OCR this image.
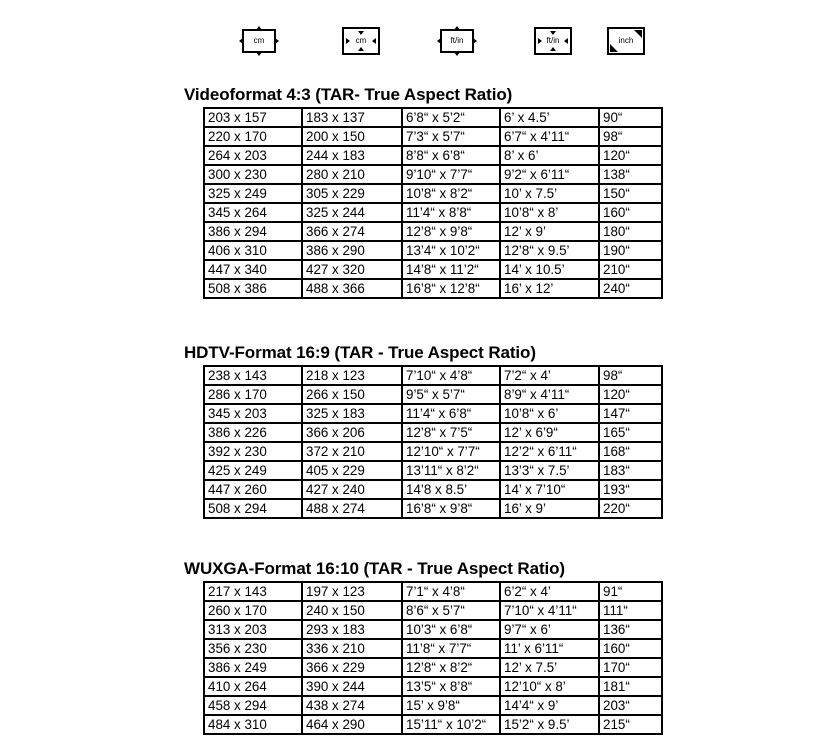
cm	cm	ft/in	ft/in	inch
Videoformat 4:3 (TAR- True Aspect Ratio)
203 x 157	183 x 137	6’8“ x 5’2“	6’ x 4.5’	90“
220 x 170	200 x 150	7’3“ x 5’7“	6’7“ x 4’11“	98“
264 x 203	244 x 183	8’8“ x 6’8“	8’ x 6’	120“
300 x 230	280 x 210	9’10“ x 7’7“	9’2“ x 6’11“	138“
325 x 249	305 x 229	10’8“ x 8’2“	10’ x 7.5’	150“
345 x 264	325 x 244	11’4“ x 8’8“	10’8“ x 8’	160“
386 x 294	366 x 274	12’8“ x 9’8“	12’ x 9’	180“
406 x 310	386 x 290	13’4“ x 10’2“	12’8“ x 9.5’	190“
447 x 340	427 x 320	14’8“ x 11’2“	14’ x 10.5’	210“
508 x 386	488 x 366	16’8“ x 12’8“	16’ x 12’	240“
HDTV-Format 16:9 (TAR - True Aspect Ratio)
238 x 143	218 x 123	7’10“ x 4’8“	7’2“ x 4’	98“
286 x 170	266 x 150	9’5“ x 5’7“	8’9“ x 4’11“	120“
345 x 203	325 x 183	11’4“ x 6’8“	10’8“ x 6’	147“
386 x 226	366 x 206	12’8“ x 7’5“	12’ x 6’9“	165“
392 x 230	372 x 210	12’10“ x 7’7“	12’2“ x 6’11“	168“
425 x 249	405 x 229	13’11“ x 8’2“	13’3“ x 7.5’	183“
447 x 260	427 x 240	14’8 x 8.5’	14’ x 7’10“	193“
508 x 294	488 x 274	16’8“ x 9’8“	16’ x 9’	220“
WUXGA-Format 16:10 (TAR - True Aspect Ratio)
217 x 143	197 x 123	7’1“ x 4’8“	6’2“ x 4’	91“
260 x 170	240 x 150	8’6“ x 5’7“	7’10“ x 4’11“	111“
313 x 203	293 x 183	10’3“ x 6’8“	9’7“ x 6’	136“
356 x 230	336 x 210	11’8“ x 7’7“	11’ x 6’11“	160“
386 x 249	366 x 229	12’8“ x 8’2“	12’ x 7.5’	170“
410 x 264	390 x 244	13’5“ x 8’8“	12’10“ x 8’	181“
458 x 294	438 x 274	15’ x 9’8“	14’4“ x 9’	203“
484 x 310	464 x 290	15’11“ x 10’2“	15’2“ x 9.5’	215“
